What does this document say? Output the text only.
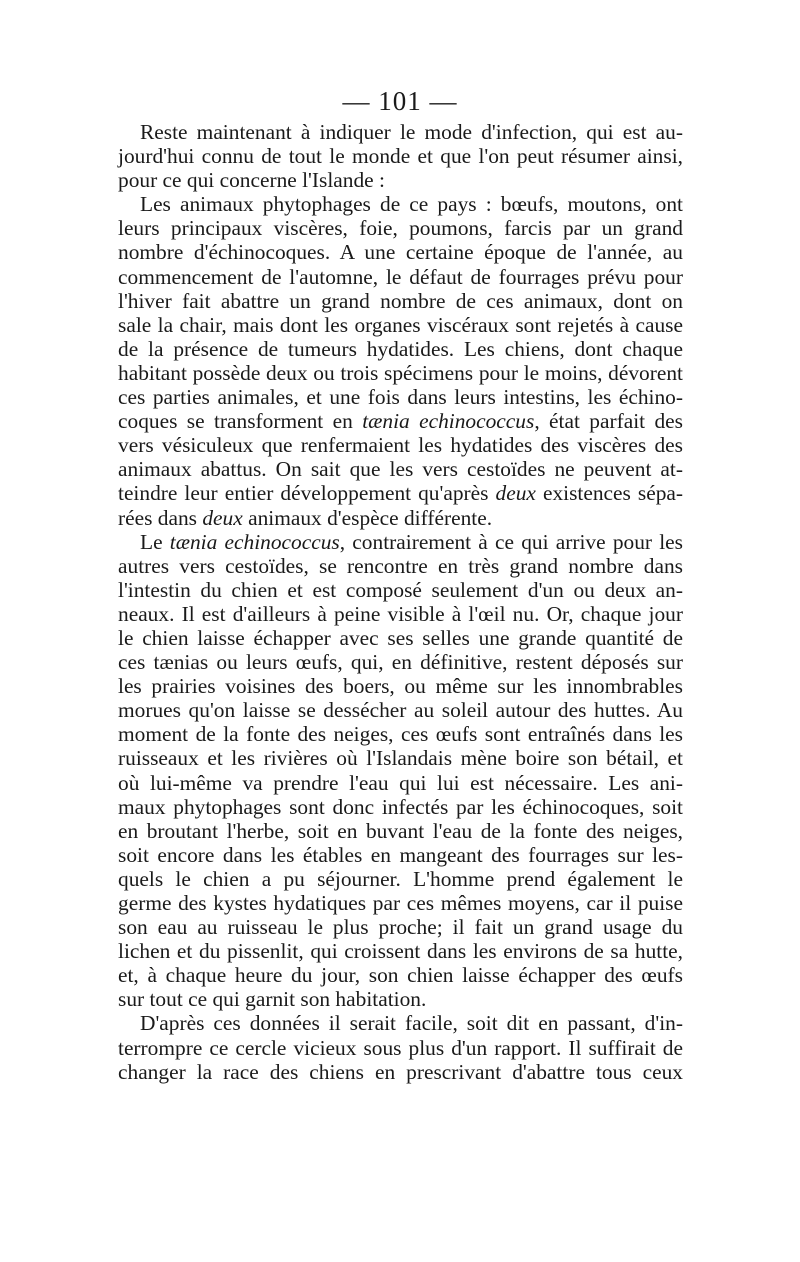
— 101 —
Reste maintenant à indiquer le mode d'infection, qui est au-
jourd'hui connu de tout le monde et que l'on peut résumer ainsi,
pour ce qui concerne l'Islande :
Les animaux phytophages de ce pays : bœufs, moutons, ont
leurs principaux viscères, foie, poumons, farcis par un grand
nombre d'échinocoques. A une certaine époque de l'année, au
commencement de l'automne, le défaut de fourrages prévu pour
l'hiver fait abattre un grand nombre de ces animaux, dont on
sale la chair, mais dont les organes viscéraux sont rejetés à cause
de la présence de tumeurs hydatides. Les chiens, dont chaque
habitant possède deux ou trois spécimens pour le moins, dévorent
ces parties animales, et une fois dans leurs intestins, les échino-
coques se transforment en tænia echinococcus, état parfait des
vers vésiculeux que renfermaient les hydatides des viscères des
animaux abattus. On sait que les vers cestoïdes ne peuvent at-
teindre leur entier développement qu'après deux existences sépa-
rées dans deux animaux d'espèce différente.
Le tænia echinococcus, contrairement à ce qui arrive pour les
autres vers cestoïdes, se rencontre en très grand nombre dans
l'intestin du chien et est composé seulement d'un ou deux an-
neaux. Il est d'ailleurs à peine visible à l'œil nu. Or, chaque jour
le chien laisse échapper avec ses selles une grande quantité de
ces tænias ou leurs œufs, qui, en définitive, restent déposés sur
les prairies voisines des boers, ou même sur les innombrables
morues qu'on laisse se dessécher au soleil autour des huttes. Au
moment de la fonte des neiges, ces œufs sont entraînés dans les
ruisseaux et les rivières où l'Islandais mène boire son bétail, et
où lui-même va prendre l'eau qui lui est nécessaire. Les ani-
maux phytophages sont donc infectés par les échinocoques, soit
en broutant l'herbe, soit en buvant l'eau de la fonte des neiges,
soit encore dans les étables en mangeant des fourrages sur les-
quels le chien a pu séjourner. L'homme prend également le
germe des kystes hydatiques par ces mêmes moyens, car il puise
son eau au ruisseau le plus proche; il fait un grand usage du
lichen et du pissenlit, qui croissent dans les environs de sa hutte,
et, à chaque heure du jour, son chien laisse échapper des œufs
sur tout ce qui garnit son habitation.
D'après ces données il serait facile, soit dit en passant, d'in-
terrompre ce cercle vicieux sous plus d'un rapport. Il suffirait de
changer la race des chiens en prescrivant d'abattre tous ceux
